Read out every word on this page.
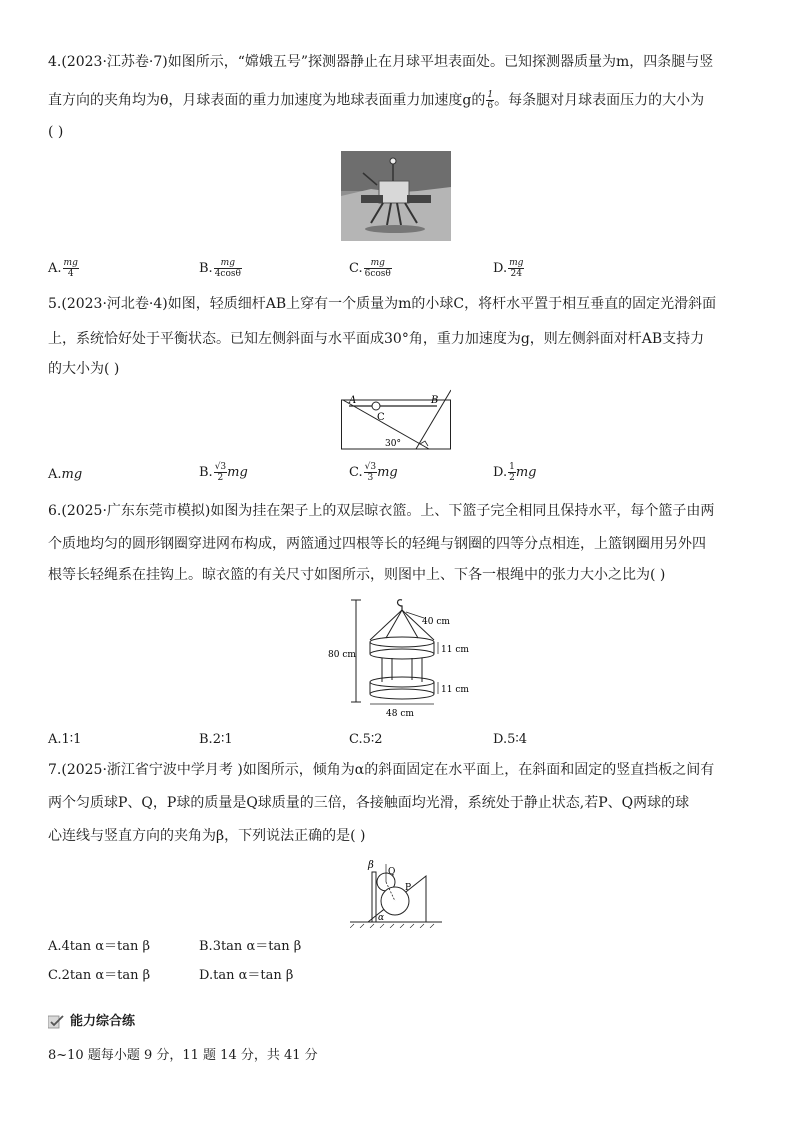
4.(2023·江苏卷·7)如图所示，“嫦娥五号”探测器静止在月球平坦表面处。已知探测器质量为m，四条腿与竖
直方向的夹角均为θ，月球表面的重力加速度为地球表面重力加速度g的 $\frac{1}{6}$ 。每条腿对月球表面压力的大小为
( )
A. $\frac{mg}{4}$	B. $\frac{mg}{4\cos\theta}$	C. $\frac{mg}{6\cos\theta}$	D. $\frac{mg}{24}$
5.(2023·河北卷·4)如图，轻质细杆AB上穿有一个质量为m的小球C，将杆水平置于相互垂直的固定光滑斜面
上，系统恰好处于平衡状态。已知左侧斜面与水平面成30°角，重力加速度为g，则左侧斜面对杆AB支持力
的大小为( )
A	B
C
30°
A.mg	B. $\frac{√3}{2}$ mg	C. $\frac{√3}{3}$ mg	D. $\frac{1}{2}$ mg
6.(2025·广东东莞市模拟)如图为挂在架子上的双层晾衣篮。上、下篮子完全相同且保持水平，每个篮子由两
个质地均匀的圆形钢圈穿进网布构成，两篮通过四根等长的轻绳与钢圈的四等分点相连，上篮钢圈用另外四
根等长轻绳系在挂钩上。晾衣篮的有关尺寸如图所示，则图中上、下各一根绳中的张力大小之比为( )
80 cm
40 cm
11 cm
11 cm
48 cm
A.1∶1	B.2∶1	C.5∶2	D.5∶4
7.(2025·浙江省宁波中学月考 )如图所示，倾角为α的斜面固定在水平面上，在斜面和固定的竖直挡板之间有
两个匀质球P、Q，P球的质量是Q球质量的三倍，各接触面均光滑，系统处于静止状态,若P、Q两球的球
心连线与竖直方向的夹角为β，下列说法正确的是( )
β
Q
P
α
A.4tan α＝tan β	B.3tan α＝tan β
C.2tan α＝tan β	D.tan α＝tan β
能力综合练
8~10 题每小题 9 分，11 题 14 分，共 41 分
